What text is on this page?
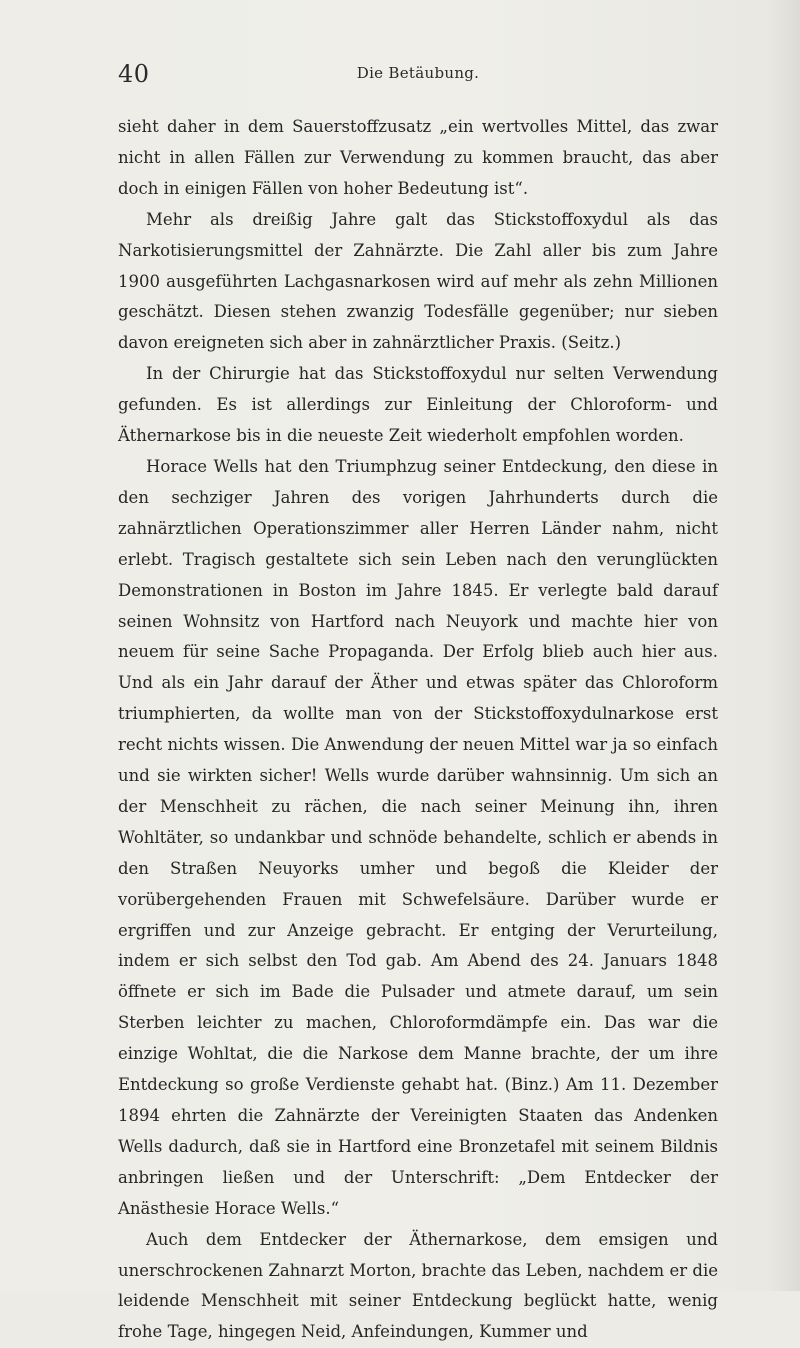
40	Die Betäubung.

sieht daher in dem Sauerstoffzusatz „ein wertvolles Mittel, das zwar nicht in allen Fällen zur Verwendung zu kommen braucht, das aber doch in einigen Fällen von hoher Bedeutung ist“.

Mehr als dreißig Jahre galt das Stickstoffoxydul als das Narkotisierungsmittel der Zahnärzte. Die Zahl aller bis zum Jahre 1900 ausgeführten Lachgasnarkosen wird auf mehr als zehn Millionen geschätzt. Diesen stehen zwanzig Todesfälle gegenüber; nur sieben davon ereigneten sich aber in zahnärztlicher Praxis. (Seitz.)

In der Chirurgie hat das Stickstoffoxydul nur selten Verwendung gefunden. Es ist allerdings zur Einleitung der Chloroform- und Äthernarkose bis in die neueste Zeit wiederholt empfohlen worden.

Horace Wells hat den Triumphzug seiner Entdeckung, den diese in den sechziger Jahren des vorigen Jahrhunderts durch die zahnärztlichen Operationszimmer aller Herren Länder nahm, nicht erlebt. Tragisch gestaltete sich sein Leben nach den verunglückten Demonstrationen in Boston im Jahre 1845. Er verlegte bald darauf seinen Wohnsitz von Hartford nach Neuyork und machte hier von neuem für seine Sache Propaganda. Der Erfolg blieb auch hier aus. Und als ein Jahr darauf der Äther und etwas später das Chloroform triumphierten, da wollte man von der Stickstoffoxydulnarkose erst recht nichts wissen. Die Anwendung der neuen Mittel war ja so einfach und sie wirkten sicher! Wells wurde darüber wahnsinnig. Um sich an der Menschheit zu rächen, die nach seiner Meinung ihn, ihren Wohltäter, so undankbar und schnöde behandelte, schlich er abends in den Straßen Neuyorks umher und begoß die Kleider der vorübergehenden Frauen mit Schwefelsäure. Darüber wurde er ergriffen und zur Anzeige gebracht. Er entging der Verurteilung, indem er sich selbst den Tod gab. Am Abend des 24. Januars 1848 öffnete er sich im Bade die Pulsader und atmete darauf, um sein Sterben leichter zu machen, Chloroformdämpfe ein. Das war die einzige Wohltat, die die Narkose dem Manne brachte, der um ihre Entdeckung so große Verdienste gehabt hat. (Binz.) Am 11. Dezember 1894 ehrten die Zahnärzte der Vereinigten Staaten das Andenken Wells dadurch, daß sie in Hartford eine Bronzetafel mit seinem Bildnis anbringen ließen und der Unterschrift: „Dem Entdecker der Anästhesie Horace Wells.“

Auch dem Entdecker der Äthernarkose, dem emsigen und unerschrockenen Zahnarzt Morton, brachte das Leben, nachdem er die leidende Menschheit mit seiner Entdeckung beglückt hatte, wenig frohe Tage, hingegen Neid, Anfeindungen, Kummer und
